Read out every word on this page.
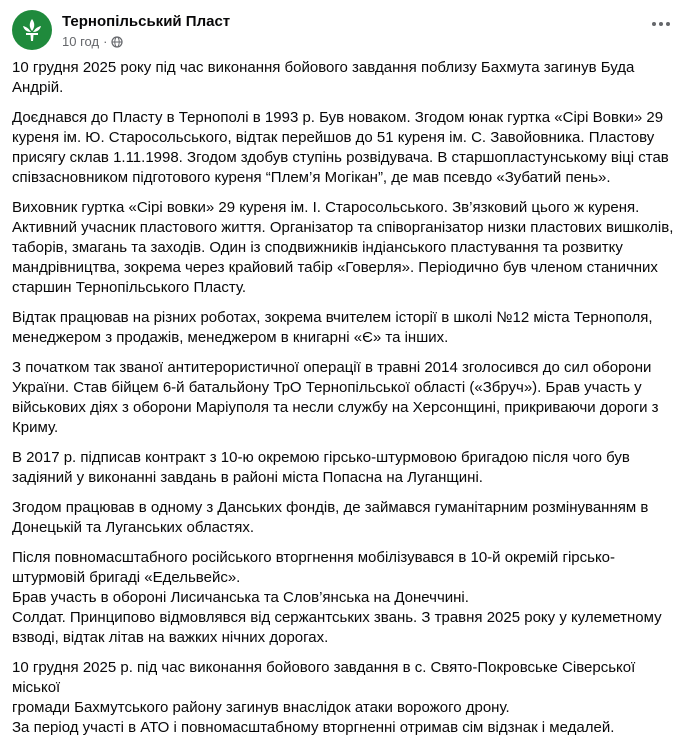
Тернопільський Пласт
10 год ·

10 грудня 2025 року під час виконання бойового завдання поблизу Бахмута загинув Буда Андрій.

Доєднався до Пласту в Тернополі в 1993 р. Був новаком. Згодом юнак гуртка «Сірі Вовки» 29
куреня ім. Ю. Старосольського, відтак перейшов до 51 куреня ім. С. Завойовника. Пластову
присягу склав 1.11.1998. Згодом здобув ступінь розвідувача. В старшопластунському віці став
співзасновником підготового куреня “Плем’я Могікан”, де мав псевдо «Зубатий пень».

Виховник гуртка «Сірі вовки» 29 куреня ім. І. Старосольського. Зв’язковий цього ж куреня.
Активний учасник пластового життя. Організатор та співорганізатор низки пластових вишколів,
таборів, змагань та заходів. Один із сподвижників індіанського пластування та розвитку
мандрівництва, зокрема через крайовий табір «Говерля». Періодично був членом станичних
старшин Тернопільського Пласту.

Відтак працював на різних роботах, зокрема вчителем історії в школі №12 міста Тернополя,
менеджером з продажів, менеджером в книгарні «Є» та інших.

З початком так званої антитерористичної операції в травні 2014 зголосився до сил оборони
України. Став бійцем 6-й батальйону ТрО Тернопільської області («Збруч»). Брав участь у
військових діях з оборони Маріуполя та несли службу на Херсонщині, прикриваючи дороги з
Криму.

В 2017 р. підписав контракт з 10-ю окремою гірсько-штурмовою бригадою після чого був
задіяний у виконанні завдань в районі міста Попасна на Луганщині.

Згодом працював в одному з Данських фондів, де займався гуманітарним розмінуванням в
Донецькій та Луганських областях.

Після повномасштабного російського вторгнення мобілізувався в 10-й окремій гірсько-
штурмовій бригаді «Едельвейс».
Брав участь в обороні Лисичанська та Слов’янська на Донеччині.
Солдат. Принципово відмовлявся від сержантських звань. З травня 2025 року у кулеметному
взводі, відтак літав на важких нічних дорогах.

10 грудня 2025 р. під час виконання бойового завдання в с. Свято-Покровське Сіверської міської
громади Бахмутського району загинув внаслідок атаки ворожого дрону.
За період участі в АТО і повномасштабному вторгненні отримав сім відзнак і медалей.
